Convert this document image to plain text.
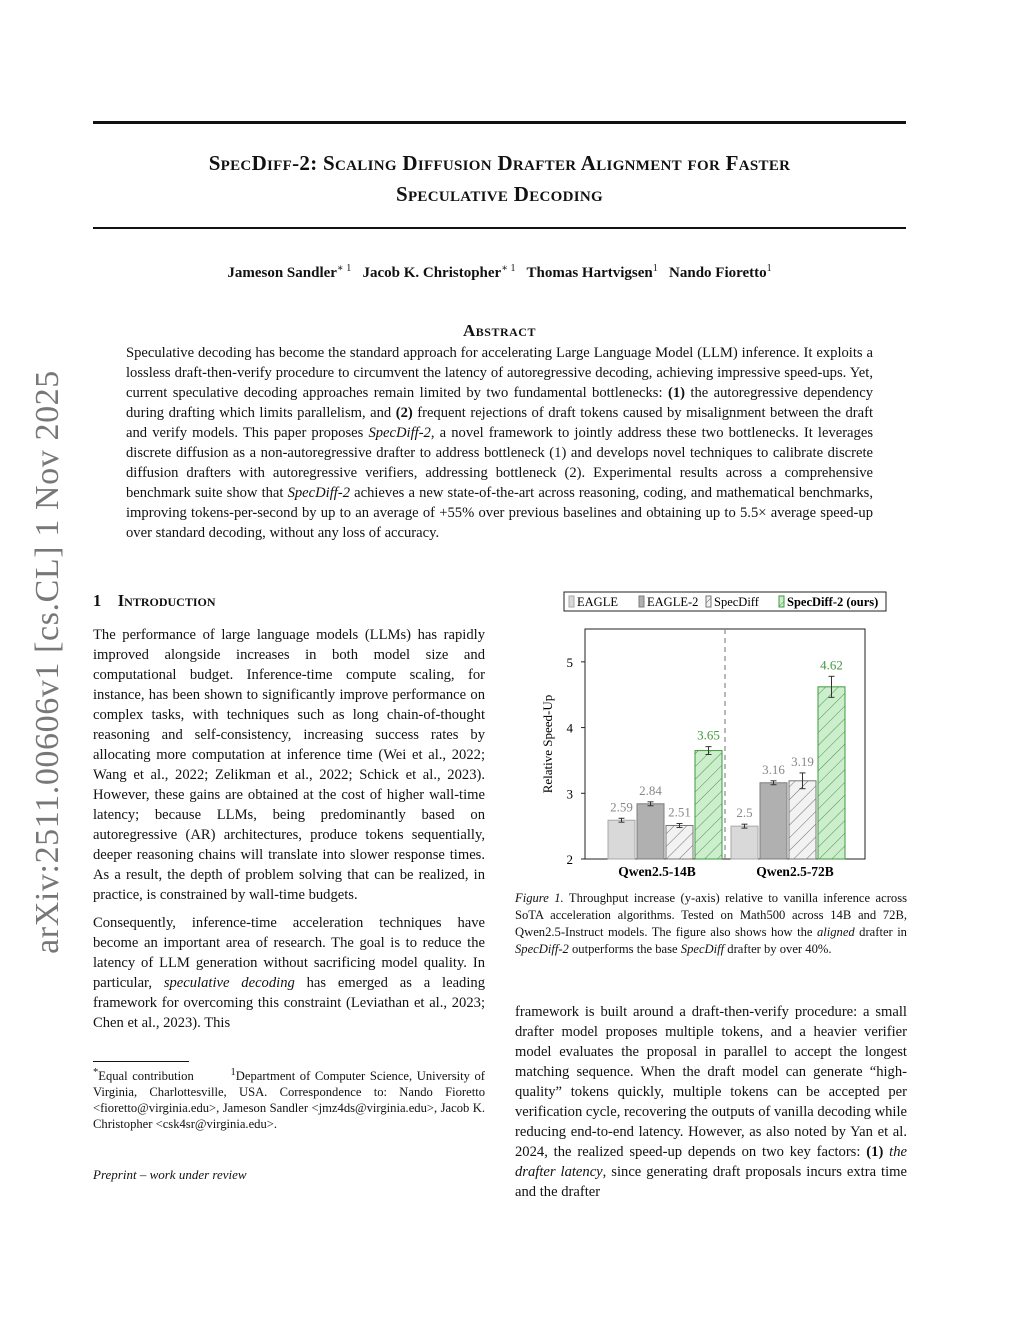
arXiv:2511.00606v1 [cs.CL] 1 Nov 2025
SpecDiff-2: Scaling Diffusion Drafter Alignment for Faster
Speculative Decoding
Jameson Sandler$^{∗ 1}$ Jacob K. Christopher$^{∗ 1}$ Thomas Hartvigsen$^1$ Nando Fioretto$^1$
Abstract
Speculative decoding has become the standard approach for accelerating Large Language Model (LLM) inference. It exploits a lossless draft-then-verify procedure to circumvent the latency of autoregressive decoding, achieving impressive speed-ups. Yet, current speculative decoding approaches remain limited by two fundamental bottlenecks: (1) the autoregressive dependency during drafting which limits parallelism, and (2) frequent rejections of draft tokens caused by misalignment between the draft and verify models. This paper proposes SpecDiff-2, a novel framework to jointly address these two bottlenecks. It leverages discrete diffusion as a non-autoregressive drafter to address bottleneck (1) and develops novel techniques to calibrate discrete diffusion drafters with autoregressive verifiers, addressing bottleneck (2). Experimental results across a comprehensive benchmark suite show that SpecDiff-2 achieves a new state-of-the-art across reasoning, coding, and mathematical benchmarks, improving tokens-per-second by up to an average of +55% over previous baselines and obtaining up to 5.5× average speed-up over standard decoding, without any loss of accuracy.
1 Introduction

The performance of large language models (LLMs) has rapidly improved alongside increases in both model size and computational budget. Inference-time compute scaling, for instance, has been shown to significantly improve performance on complex tasks, with techniques such as long chain-of-thought reasoning and self-consistency, increasing success rates by allocating more computation at inference time (Wei et al., 2022; Wang et al., 2022; Zelikman et al., 2022; Schick et al., 2023). However, these gains are obtained at the cost of higher wall-time latency; because LLMs, being predominantly based on autoregressive (AR) architectures, produce tokens sequentially, deeper reasoning chains will translate into slower response times. As a result, the depth of problem solving that can be realized, in practice, is constrained by wall-time budgets.

Consequently, inference-time acceleration techniques have become an important area of research. The goal is to reduce the latency of LLM generation without sacrificing model quality. In particular, speculative decoding has emerged as a leading framework for overcoming this constraint (Leviathan et al., 2023; Chen et al., 2023). This

*Equal contribution	$^1$Department of Computer Science, University of Virginia, Charlottesville, USA. Correspondence to: Nando Fioretto <fioretto@virginia.edu>, Jameson Sandler <jmz4ds@virginia.edu>, Jacob K. Christopher <csk4sr@virginia.edu>.
Preprint – work under review
2
3
4
5
2.59
2.84
2.51
3.65
2.5
3.16
3.19
4.62
Qwen2.5-14B	Qwen2.5-72B
Relative Speed-Up
EAGLE EAGLE-2 SpecDiff SpecDiff-2 (ours)
Figure 1. Throughput increase (y-axis) relative to vanilla inference across SoTA acceleration algorithms. Tested on Math500 across 14B and 72B, Qwen2.5-Instruct models. The figure also shows how the aligned drafter in SpecDiff-2 outperforms the base SpecDiff drafter by over 40%.
framework is built around a draft-then-verify procedure: a small drafter model proposes multiple tokens, and a heavier verifier model evaluates the proposal in parallel to accept the longest matching sequence. When the draft model can generate “high-quality” tokens quickly, multiple tokens can be accepted per verification cycle, recovering the outputs of vanilla decoding while reducing end-to-end latency. However, as also noted by Yan et al. 2024, the realized speed-up depends on two key factors: (1) the drafter latency, since generating draft proposals incurs extra time and the drafter
